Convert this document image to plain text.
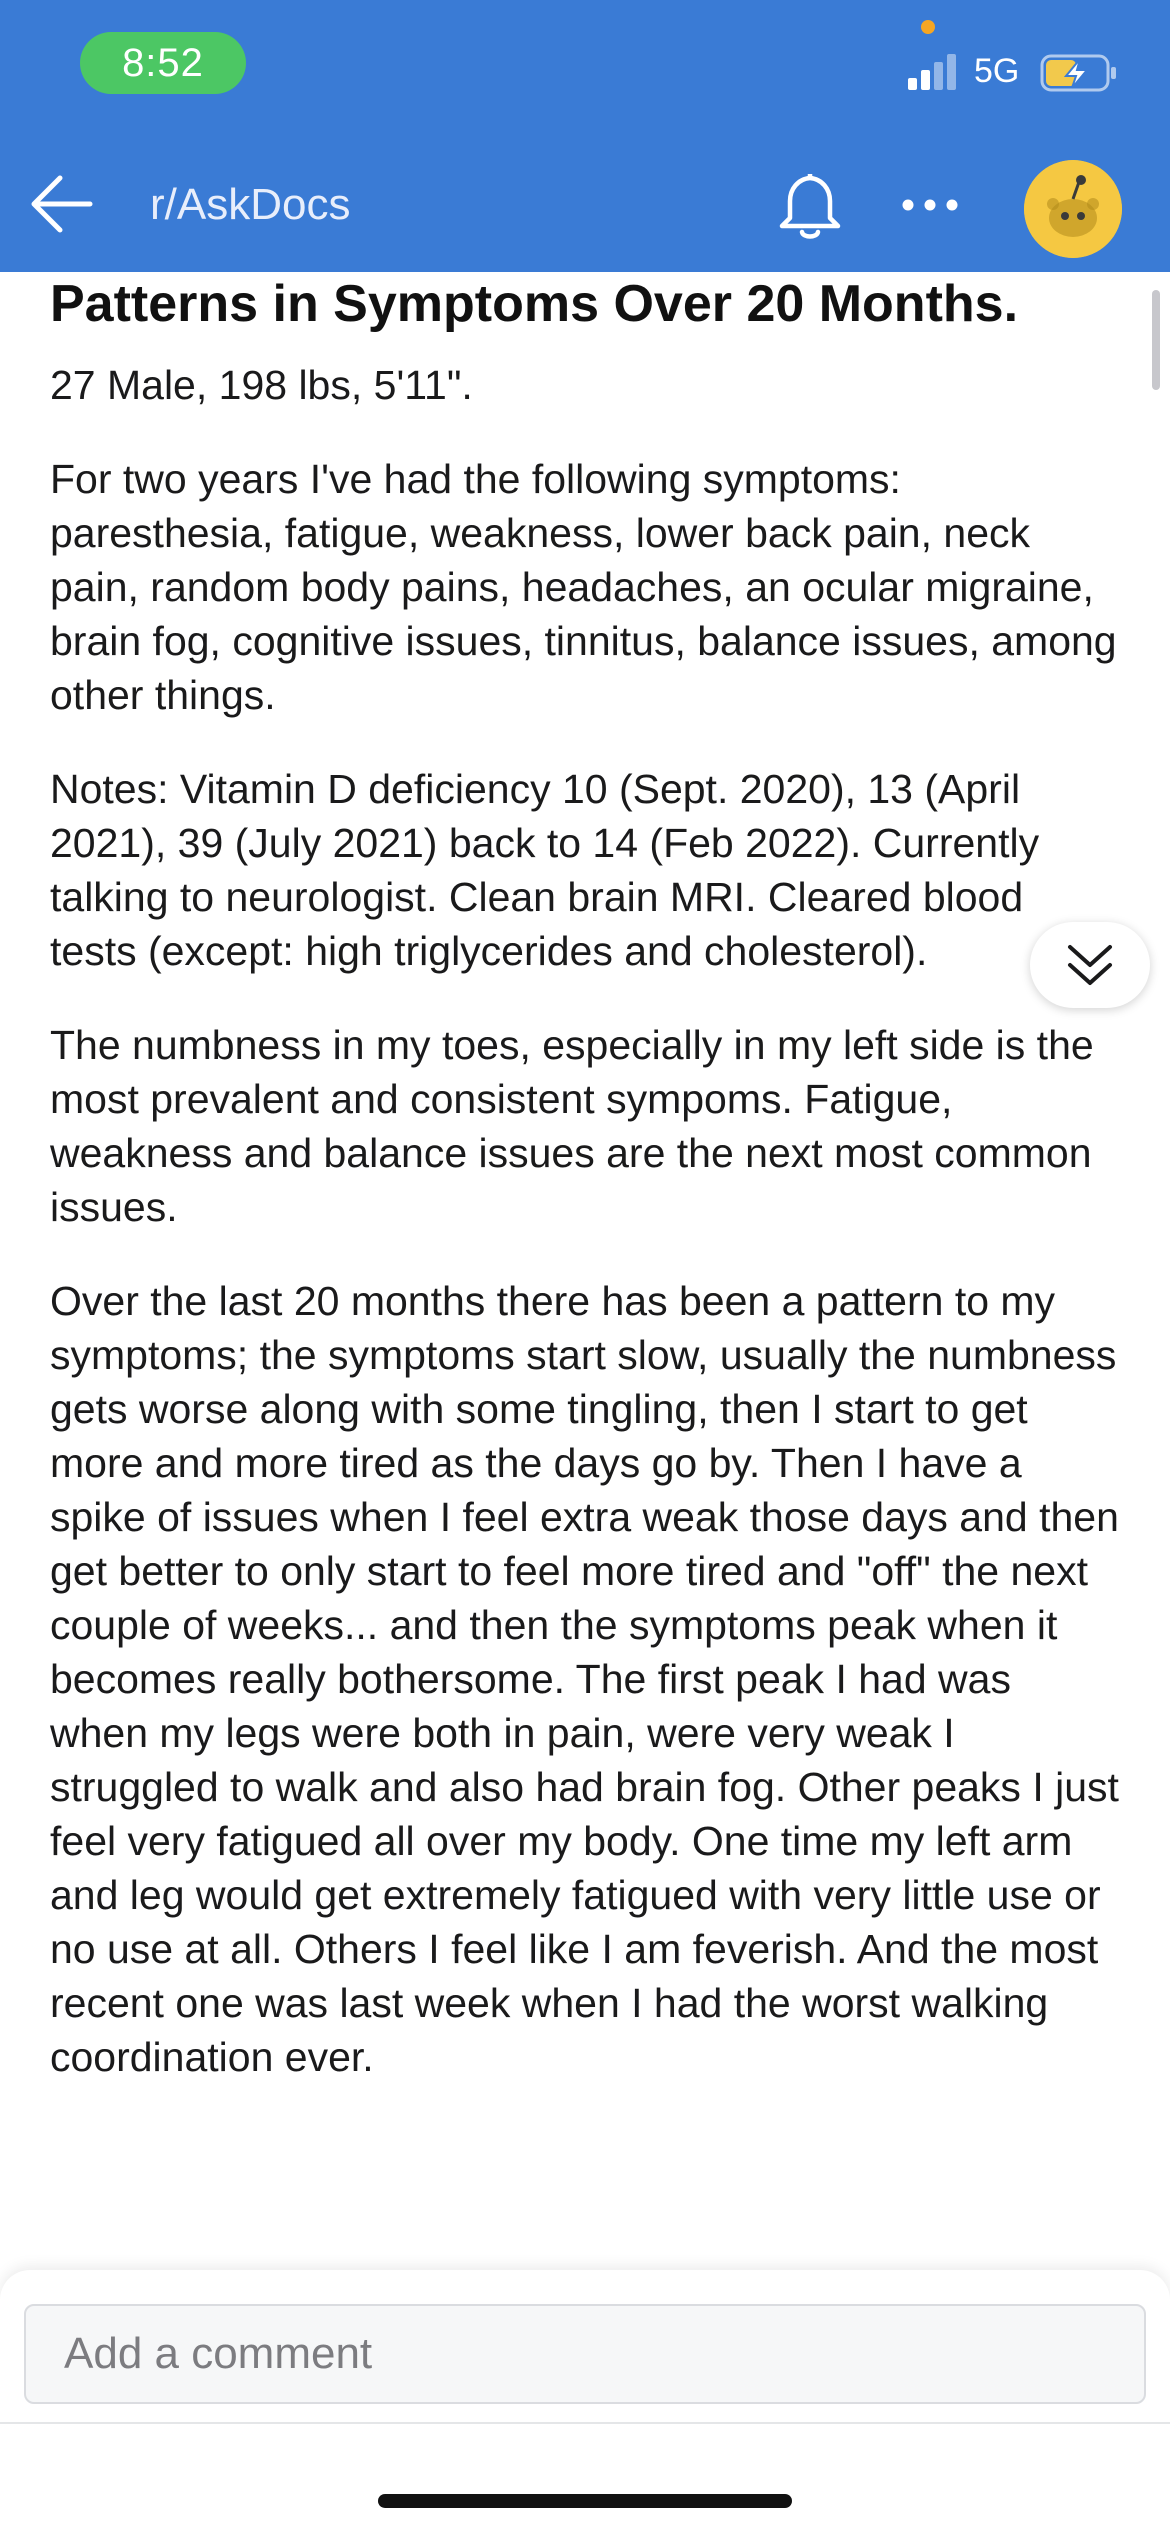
8:52	5G
r/AskDocs
Patterns in Symptoms Over 20 Months.

27 Male, 198 lbs, 5'11".

For two years I've had the following symptoms: paresthesia, fatigue, weakness, lower back pain, neck pain, random body pains, headaches, an ocular migraine, brain fog, cognitive issues, tinnitus, balance issues, among other things.

Notes: Vitamin D deficiency 10 (Sept. 2020), 13 (April 2021), 39 (July 2021) back to 14 (Feb 2022). Currently talking to neurologist. Clean brain MRI. Cleared blood tests (except: high triglycerides and cholesterol).

The numbness in my toes, especially in my left side is the most prevalent and consistent sympoms. Fatigue, weakness and balance issues are the next most common issues.

Over the last 20 months there has been a pattern to my symptoms; the symptoms start slow, usually the numbness gets worse along with some tingling, then I start to get more and more tired as the days go by. Then I have a spike of issues when I feel extra weak those days and then get better to only start to feel more tired and "off" the next couple of weeks... and then the symptoms peak when it becomes really bothersome. The first peak I had was when my legs were both in pain, were very weak I struggled to walk and also had brain fog. Other peaks I just feel very fatigued all over my body. One time my left arm and leg would get extremely fatigued with very little use or no use at all. Others I feel like I am feverish. And the most recent one was last week when I had the worst walking coordination ever.

Add a comment
